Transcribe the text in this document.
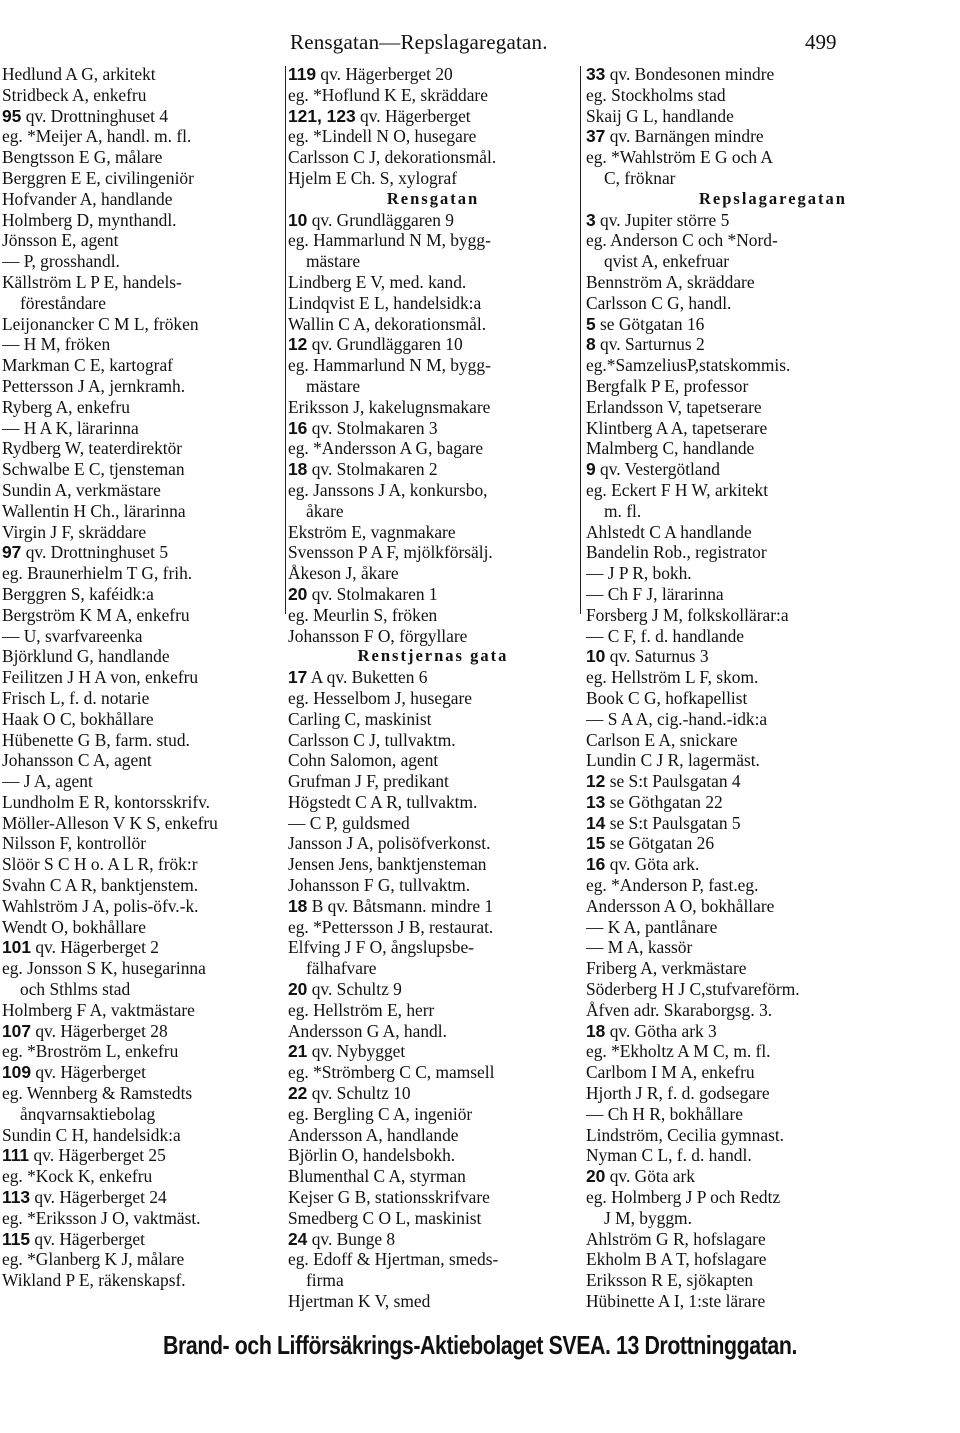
Rensgatan—Repslagaregatan.	499
Hedlund A G, arkitekt
Stridbeck A, enkefru
95 qv. Drottninghuset 4
eg. *Meijer A, handl. m. fl.
Bengtsson E G, målare
Berggren E E, civilingeniör
Hofvander A, handlande
Holmberg D, mynthandl.
Jönsson E, agent
— P, grosshandl.
Källström L P E, handels-
föreståndare
Leijonancker C M L, fröken
— H M, fröken
Markman C E, kartograf
Pettersson J A, jernkramh.
Ryberg A, enkefru
— H A K, lärarinna
Rydberg W, teaterdirektör
Schwalbe E C, tjensteman
Sundin A, verkmästare
Wallentin H Ch., lärarinna
Virgin J F, skräddare
97 qv. Drottninghuset 5
eg. Braunerhielm T G, frih.
Berggren S, kaféidk:a
Bergström K M A, enkefru
— U, svarfvareenka
Björklund G, handlande
Feilitzen J H A von, enkefru
Frisch L, f. d. notarie
Haak O C, bokhållare
Hübenette G B, farm. stud.
Johansson C A, agent
— J A, agent
Lundholm E R, kontorsskrifv.
Möller-Alleson V K S, enkefru
Nilsson F, kontrollör
Slöör S C H o. A L R, frök:r
Svahn C A R, banktjenstem.
Wahlström J A, polis-öfv.-k.
Wendt O, bokhållare
101 qv. Hägerberget 2
eg. Jonsson S K, husegarinna
och Sthlms stad
Holmberg F A, vaktmästare
107 qv. Hägerberget 28
eg. *Broström L, enkefru
109 qv. Hägerberget
eg. Wennberg & Ramstedts
ånqvarnsaktiebolag
Sundin C H, handelsidk:a
111 qv. Hägerberget 25
eg. *Kock K, enkefru
113 qv. Hägerberget 24
eg. *Eriksson J O, vaktmäst.
115 qv. Hägerberget
eg. *Glanberg K J, målare
Wikland P E, räkenskapsf.
119 qv. Hägerberget 20
eg. *Hoflund K E, skräddare
121, 123 qv. Hägerberget
eg. *Lindell N O, husegare
Carlsson C J, dekorationsmål.
Hjelm E Ch. S, xylograf
Rensgatan
10 qv. Grundläggaren 9
eg. Hammarlund N M, bygg-
mästare
Lindberg E V, med. kand.
Lindqvist E L, handelsidk:a
Wallin C A, dekorationsmål.
12 qv. Grundläggaren 10
eg. Hammarlund N M, bygg-
mästare
Eriksson J, kakelugnsmakare
16 qv. Stolmakaren 3
eg. *Andersson A G, bagare
18 qv. Stolmakaren 2
eg. Janssons J A, konkursbo,
åkare
Ekström E, vagnmakare
Svensson P A F, mjölkförsälj.
Åkeson J, åkare
20 qv. Stolmakaren 1
eg. Meurlin S, fröken
Johansson F O, förgyllare
Renstjernas gata
17 A qv. Buketten 6
eg. Hesselbom J, husegare
Carling C, maskinist
Carlsson C J, tullvaktm.
Cohn Salomon, agent
Grufman J F, predikant
Högstedt C A R, tullvaktm.
— C P, guldsmed
Jansson J A, polisöfverkonst.
Jensen Jens, banktjensteman
Johansson F G, tullvaktm.
18 B qv. Båtsmann. mindre 1
eg. *Pettersson J B, restaurat.
Elfving J F O, ångslupsbe-
fälhafvare
20 qv. Schultz 9
eg. Hellström E, herr
Andersson G A, handl.
21 qv. Nybygget
eg. *Strömberg C C, mamsell
22 qv. Schultz 10
eg. Bergling C A, ingeniör
Andersson A, handlande
Björlin O, handelsbokh.
Blumenthal C A, styrman
Kejser G B, stationsskrifvare
Smedberg C O L, maskinist
24 qv. Bunge 8
eg. Edoff & Hjertman, smeds-
firma
Hjertman K V, smed
33 qv. Bondesonen mindre
eg. Stockholms stad
Skaij G L, handlande
37 qv. Barnängen mindre
eg. *Wahlström E G och A
C, fröknar
Repslagaregatan
3 qv. Jupiter större 5
eg. Anderson C och *Nord-
qvist A, enkefruar
Bennström A, skräddare
Carlsson C G, handl.
5 se Götgatan 16
8 qv. Sarturnus 2
eg.*SamzeliusP,statskommis.
Bergfalk P E, professor
Erlandsson V, tapetserare
Klintberg A A, tapetserare
Malmberg C, handlande
9 qv. Vestergötland
eg. Eckert F H W, arkitekt
m. fl.
Ahlstedt C A handlande
Bandelin Rob., registrator
— J P R, bokh.
— Ch F J, lärarinna
Forsberg J M, folkskollärar:a
— C F, f. d. handlande
10 qv. Saturnus 3
eg. Hellström L F, skom.
Book C G, hofkapellist
— S A A, cig.-hand.-idk:a
Carlson E A, snickare
Lundin C J R, lagermäst.
12 se S:t Paulsgatan 4
13 se Göthgatan 22
14 se S:t Paulsgatan 5
15 se Götgatan 26
16 qv. Göta ark.
eg. *Anderson P, fast.eg.
Andersson A O, bokhållare
— K A, pantlånare
— M A, kassör
Friberg A, verkmästare
Söderberg H J C,stufvareförm.
Åfven adr. Skaraborgsg. 3.
18 qv. Götha ark 3
eg. *Ekholtz A M C, m. fl.
Carlbom I M A, enkefru
Hjorth J R, f. d. godsegare
— Ch H R, bokhållare
Lindström, Cecilia gymnast.
Nyman C L, f. d. handl.
20 qv. Göta ark
eg. Holmberg J P och Redtz
J M, byggm.
Ahlström G R, hofslagare
Ekholm B A T, hofslagare
Eriksson R E, sjökapten
Hübinette A I, 1:ste lärare
Brand- och Lifförsäkrings-Aktiebolaget SVEA. 13 Drottninggatan.
